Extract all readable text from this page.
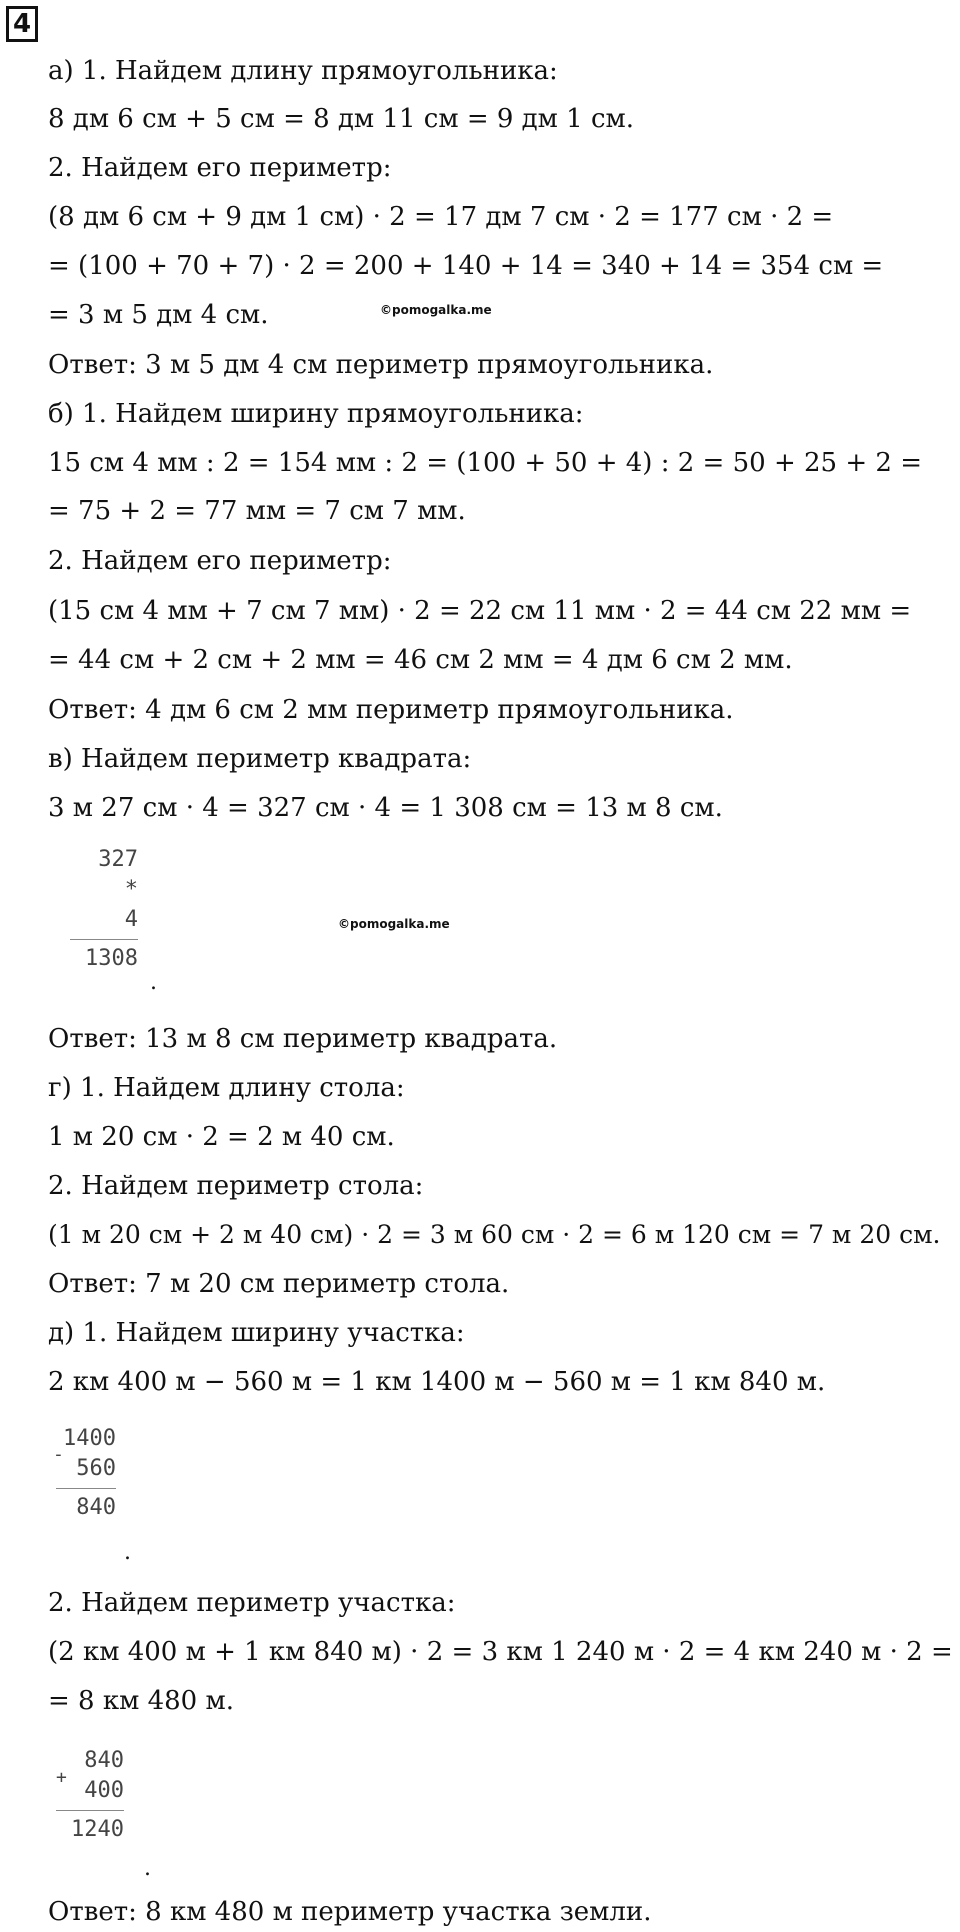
4
а) 1. Найдем длину прямоугольника:
8 дм 6 см + 5 см = 8 дм 11 см = 9 дм 1 см.
2. Найдем его периметр:
(8 дм 6 см + 9 дм 1 см) · 2 = 17 дм 7 см · 2 = 177 см · 2 =
= (100 + 70 + 7) · 2 = 200 + 140 + 14 = 340 + 14 = 354 см =
= 3 м 5 дм 4 см.	©pomogalka.me
Ответ: 3 м 5 дм 4 см периметр прямоугольника.
б) 1. Найдем ширину прямоугольника:
15 см 4 мм : 2 = 154 мм : 2 = (100 + 50 + 4) : 2 = 50 + 25 + 2 =
= 75 + 2 = 77 мм = 7 см 7 мм.
2. Найдем его периметр:
(15 см 4 мм + 7 см 7 мм) · 2 = 22 см 11 мм · 2 = 44 см 22 мм =
= 44 см + 2 см + 2 мм = 46 см 2 мм = 4 дм 6 см 2 мм.
Ответ: 4 дм 6 см 2 мм периметр прямоугольника.
в) Найдем периметр квадрата:
3 м 27 см · 4 = 327 см · 4 = 1 308 см = 13 м 8 см.
327
*
4
1308
.
©pomogalka.me
Ответ: 13 м 8 см периметр квадрата.
г) 1. Найдем длину стола:
1 м 20 см · 2 = 2 м 40 см.
2. Найдем периметр стола:
(1 м 20 см + 2 м 40 см) · 2 = 3 м 60 см · 2 = 6 м 120 см = 7 м 20 см.
Ответ: 7 м 20 см периметр стола.
д) 1. Найдем ширину участка:
2 км 400 м − 560 м = 1 км 1400 м − 560 м = 1 км 840 м.
-
1400
560
840
.
2. Найдем периметр участка:
(2 км 400 м + 1 км 840 м) · 2 = 3 км 1 240 м · 2 = 4 км 240 м · 2 =
= 8 км 480 м.
+
840
400
1240
.
Ответ: 8 км 480 м периметр участка земли.
